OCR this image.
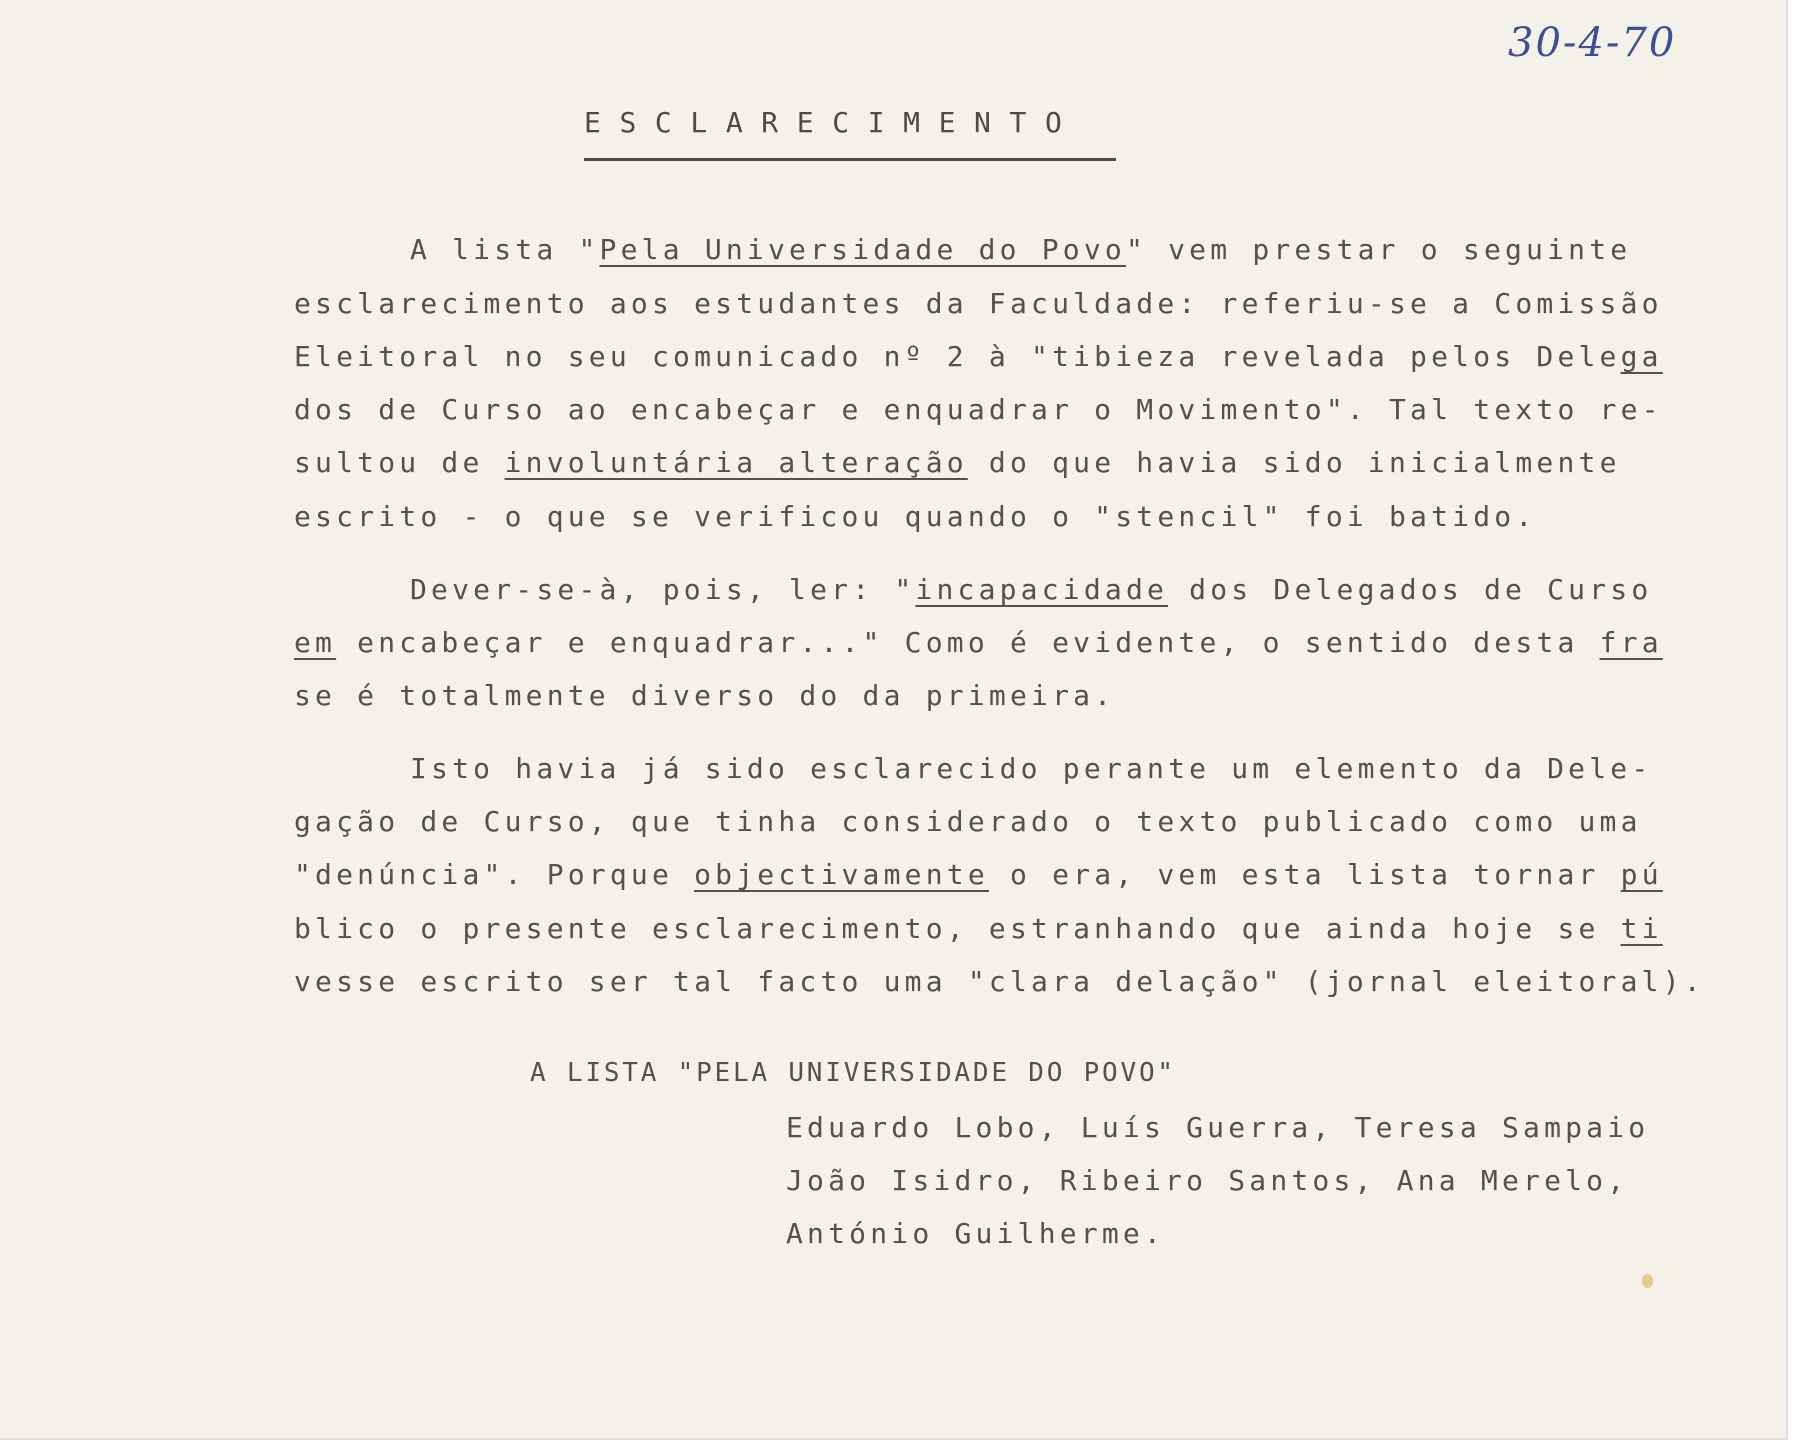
30-4-70
ESCLARECIMENTO
A lista "Pela Universidade do Povo" vem prestar o seguinte
esclarecimento aos estudantes da Faculdade: referiu-se a Comissão
Eleitoral no seu comunicado nº 2 à "tibieza revelada pelos Delega
dos de Curso ao encabeçar e enquadrar o Movimento". Tal texto re-
sultou de involuntária alteração do que havia sido inicialmente
escrito - o que se verificou quando o "stencil" foi batido.
Dever-se-à, pois, ler: "incapacidade dos Delegados de Curso
em encabeçar e enquadrar..." Como é evidente, o sentido desta fra
se é totalmente diverso do da primeira.
Isto havia já sido esclarecido perante um elemento da Dele-
gação de Curso, que tinha considerado o texto publicado como uma
"denúncia". Porque objectivamente o era, vem esta lista tornar pú
blico o presente esclarecimento, estranhando que ainda hoje se ti
vesse escrito ser tal facto uma "clara delação" (jornal eleitoral).
A LISTA "PELA UNIVERSIDADE DO POVO"
Eduardo Lobo, Luís Guerra, Teresa Sampaio
João Isidro, Ribeiro Santos, Ana Merelo,
António Guilherme.
